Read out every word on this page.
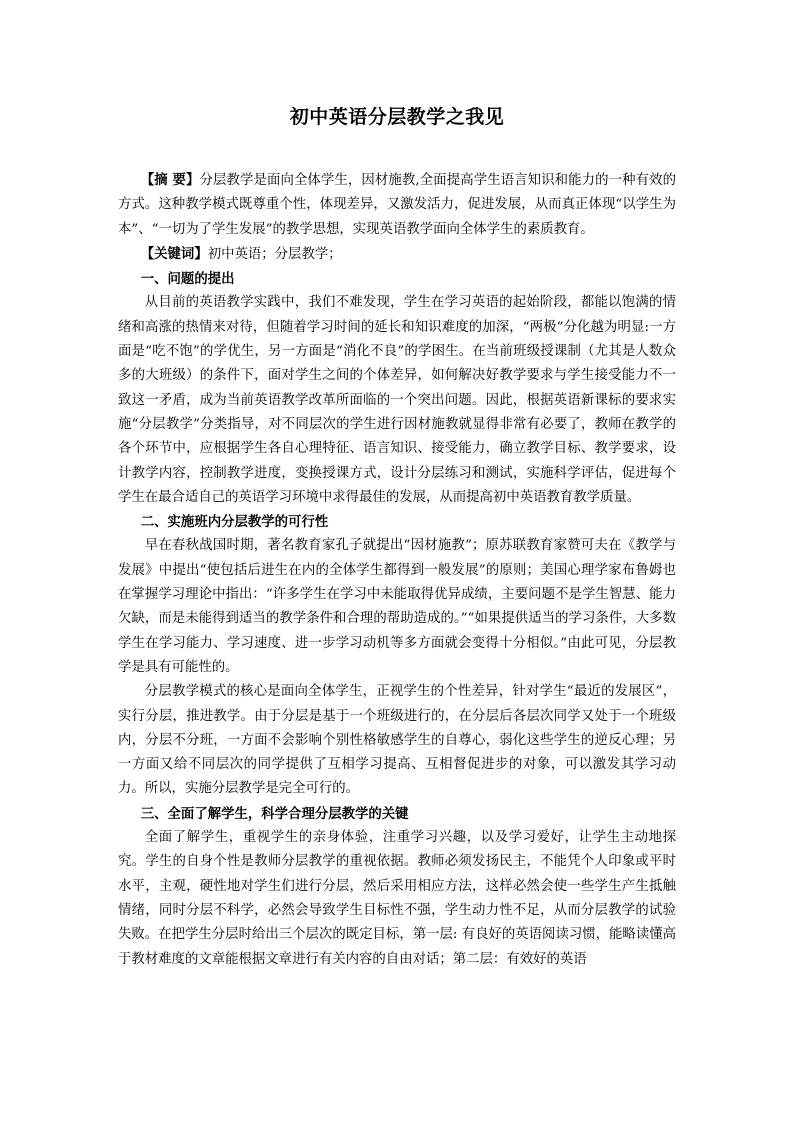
初中英语分层教学之我见

【摘 要】分层教学是面向全体学生，因材施教,全面提高学生语言知识和能力的一种有效的方式。这种教学模式既尊重个性，体现差异，又激发活力，促进发展，从而真正体现“以学生为本”、“一切为了学生发展”的教学思想，实现英语教学面向全体学生的素质教育。

【关键词】初中英语；分层教学；

一、问题的提出

从目前的英语教学实践中，我们不难发现，学生在学习英语的起始阶段，都能以饱满的情绪和高涨的热情来对待，但随着学习时间的延长和知识难度的加深，“两极”分化越为明显:一方面是“吃不饱”的学优生，另一方面是“消化不良”的学困生。在当前班级授课制（尤其是人数众多的大班级）的条件下，面对学生之间的个体差异，如何解决好教学要求与学生接受能力不一致这一矛盾，成为当前英语教学改革所面临的一个突出问题。因此，根据英语新课标的要求实施“分层教学”分类指导，对不同层次的学生进行因材施教就显得非常有必要了，教师在教学的各个环节中，应根据学生各自心理特征、语言知识、接受能力，确立教学目标、教学要求，设计教学内容，控制教学进度，变换授课方式，设计分层练习和测试，实施科学评估，促进每个学生在最合适自己的英语学习环境中求得最佳的发展，从而提高初中英语教育教学质量。

二、实施班内分层教学的可行性

早在春秋战国时期，著名教育家孔子就提出“因材施教”；原苏联教育家赞可夫在《教学与发展》中提出“使包括后进生在内的全体学生都得到一般发展”的原则；美国心理学家布鲁姆也在掌握学习理论中指出：“许多学生在学习中未能取得优异成绩，主要问题不是学生智慧、能力欠缺，而是未能得到适当的教学条件和合理的帮助造成的。”“如果提供适当的学习条件，大多数学生在学习能力、学习速度、进一步学习动机等多方面就会变得十分相似。”由此可见，分层教学是具有可能性的。

分层教学模式的核心是面向全体学生，正视学生的个性差异，针对学生“最近的发展区”，实行分层，推进教学。由于分层是基于一个班级进行的，在分层后各层次同学又处于一个班级内，分层不分班，一方面不会影响个别性格敏感学生的自尊心，弱化这些学生的逆反心理；另一方面又给不同层次的同学提供了互相学习提高、互相督促进步的对象，可以激发其学习动力。所以，实施分层教学是完全可行的。

三、全面了解学生，科学合理分层教学的关键

全面了解学生，重视学生的亲身体验，注重学习兴趣，以及学习爱好，让学生主动地探究。学生的自身个性是教师分层教学的重视依据。教师必须发扬民主，不能凭个人印象或平时水平，主观，硬性地对学生们进行分层，然后采用相应方法，这样必然会使一些学生产生抵触情绪，同时分层不科学，必然会导致学生目标性不强，学生动力性不足，从而分层教学的试验失败。在把学生分层时给出三个层次的既定目标，第一层: 有良好的英语阅读习惯，能略读懂高于教材难度的文章能根据文章进行有关内容的自由对话；第二层：有效好的英语
